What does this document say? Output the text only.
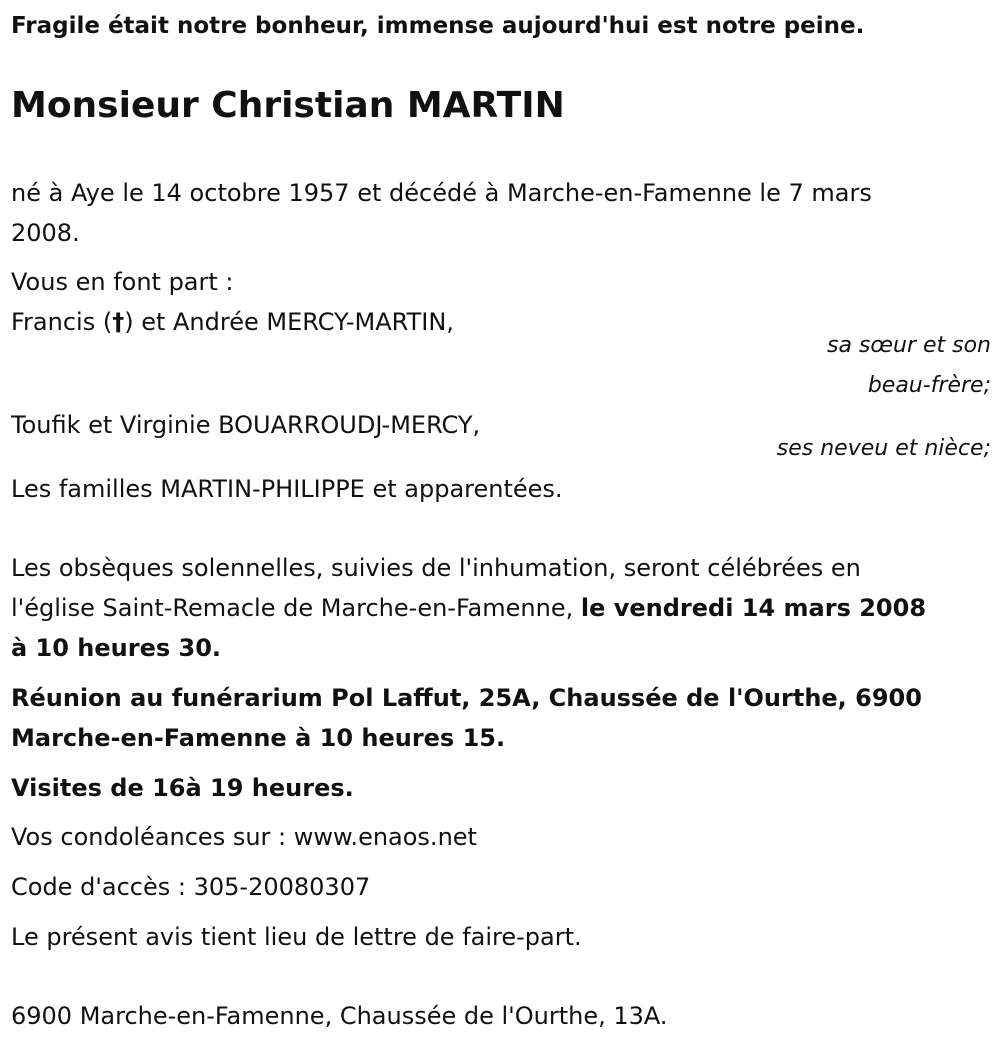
Fragile était notre bonheur, immense aujourd'hui est notre peine.
Monsieur Christian MARTIN
né à Aye le 14 octobre 1957 et décédé à Marche-en-Famenne le 7 mars
2008.
Vous en font part :
Francis (†) et Andrée MERCY-MARTIN,
sa sœur et son
beau-frère;
Toufik et Virginie BOUARROUDJ-MERCY,
ses neveu et nièce;
Les familles MARTIN-PHILIPPE et apparentées.
Les obsèques solennelles, suivies de l'inhumation, seront célébrées en
l'église Saint-Remacle de Marche-en-Famenne, le vendredi 14 mars 2008
à 10 heures 30.
Réunion au funérarium Pol Laffut, 25A, Chaussée de l'Ourthe, 6900
Marche-en-Famenne à 10 heures 15.
Visites de 16à 19 heures.
Vos condoléances sur : www.enaos.net
Code d'accès : 305-20080307
Le présent avis tient lieu de lettre de faire-part.
6900 Marche-en-Famenne, Chaussée de l'Ourthe, 13A.
